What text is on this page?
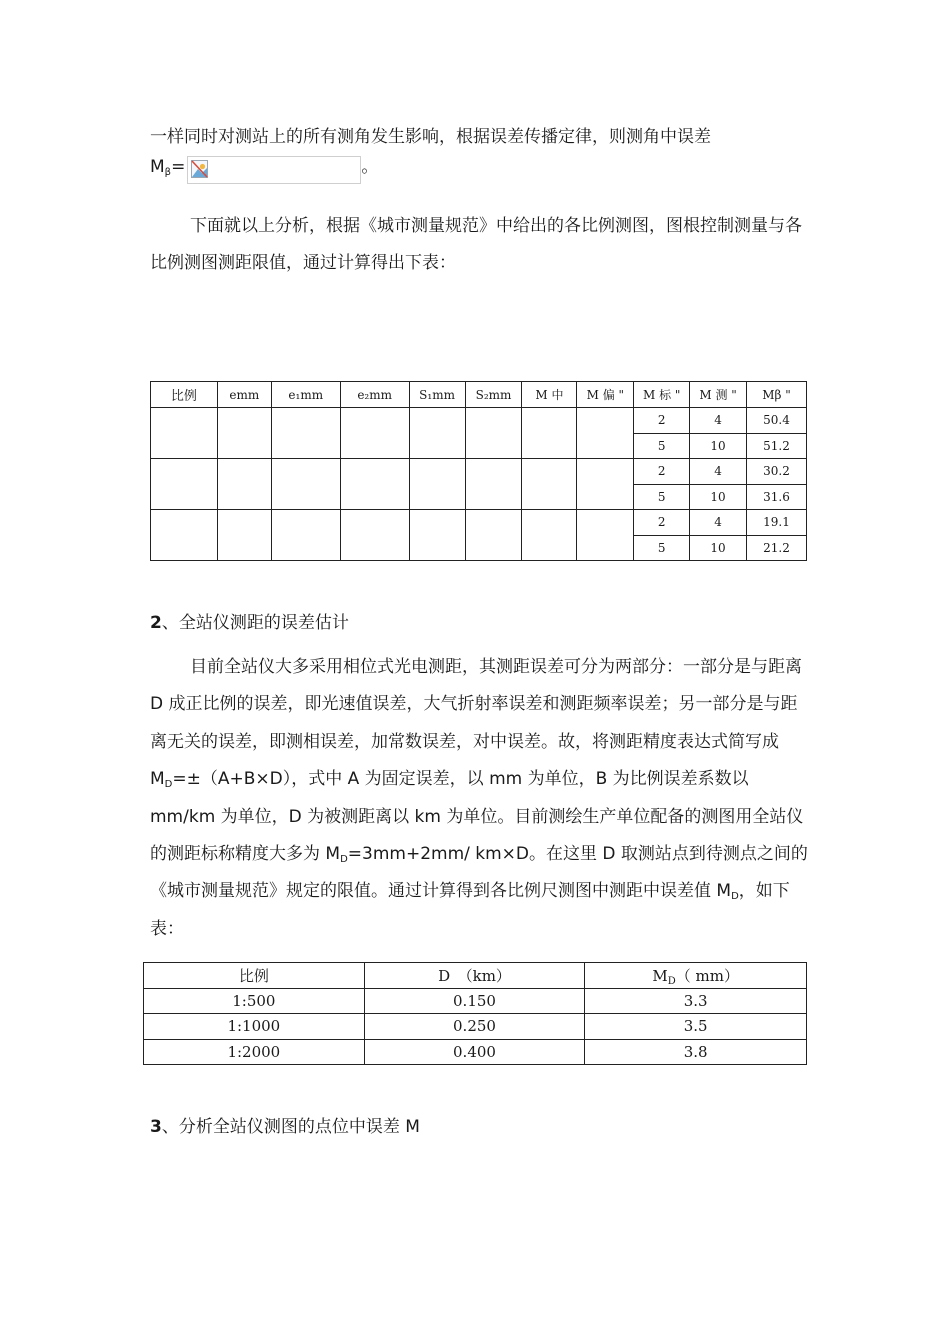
一样同时对测站上的所有测角发生影响，根据误差传播定律，则测角中误差
$M_\beta=$	。
下面就以上分析，根据《城市测量规范》中给出的各比例测图，图根控制测量与各比例测图测距限值，通过计算得出下表：
比例	emm	e₁mm	e₂mm	S₁mm	S₂mm	M 中	M 偏 "	M 标 "	M 测 "	Mβ "
								2	4	50.4
								5	10	51.2
								2	4	30.2
								5	10	31.6
								2	4	19.1
								5	10	21.2
2、全站仪测距的误差估计
目前全站仪大多采用相位式光电测距，其测距误差可分为两部分：一部分是与距离 D 成正比例的误差，即光速值误差，大气折射率误差和测距频率误差；另一部分是与距离无关的误差，即测相误差，加常数误差，对中误差。故，将测距精度表达式简写成 $M_D=\pm(A+B\times D)$，式中 A 为固定误差，以 mm 为单位，B 为比例误差系数以 mm/km 为单位，D 为被测距离以 km 为单位。目前测绘生产单位配备的测图用全站仪的测距标称精度大多为 $M_D=3mm+2mm/$ km×D。在这里 D 取测站点到待测点之间的《城市测量规范》规定的限值。通过计算得到各比例尺测图中测距中误差值 $M_D$，如下表：
比例	D　（km）	$M_D$（ mm）
1:500	0.150	3.3
1:1000	0.250	3.5
1:2000	0.400	3.8
3、分析全站仪测图的点位中误差 M
